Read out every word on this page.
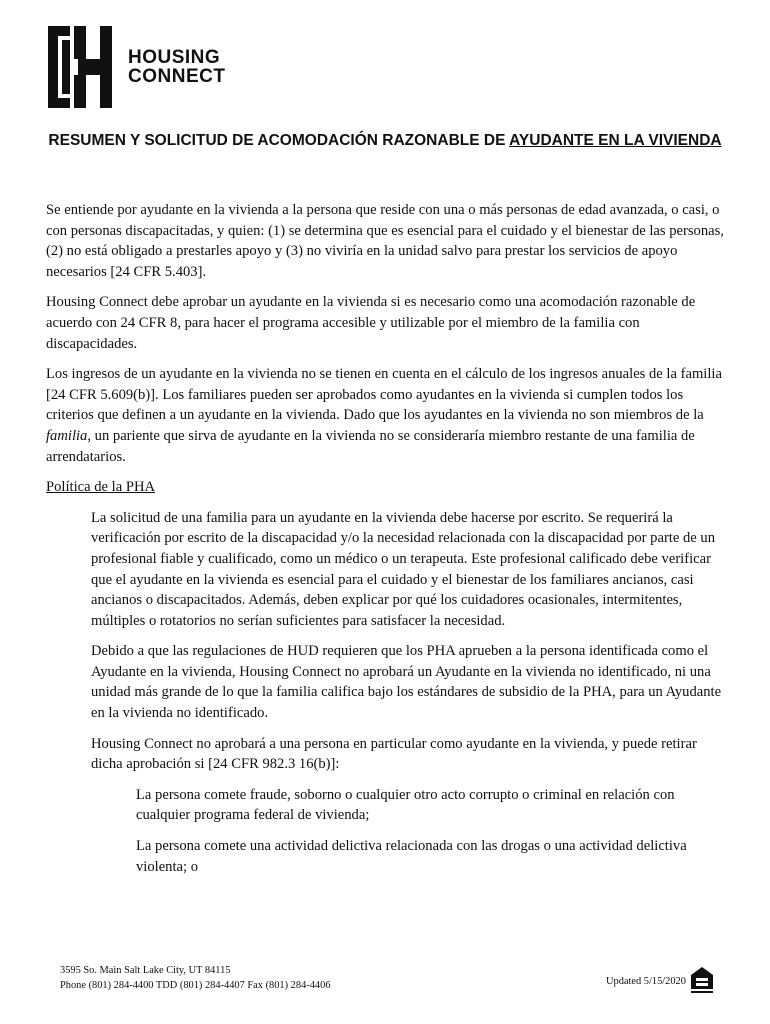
HOUSING
CONNECT
RESUMEN Y SOLICITUD DE ACOMODACIÓN RAZONABLE DE AYUDANTE EN LA VIVIENDA

Se entiende por ayudante en la vivienda a la persona que reside con una o más personas de edad avanzada, o casi, o con personas discapacitadas, y quien: (1) se determina que es esencial para el cuidado y el bienestar de las personas, (2) no está obligado a prestarles apoyo y (3) no viviría en la unidad salvo para prestar los servicios de apoyo necesarios [24 CFR 5.403].

Housing Connect debe aprobar un ayudante en la vivienda si es necesario como una acomodación razonable de acuerdo con 24 CFR 8, para hacer el programa accesible y utilizable por el miembro de la familia con discapacidades.

Los ingresos de un ayudante en la vivienda no se tienen en cuenta en el cálculo de los ingresos anuales de la familia [24 CFR 5.609(b)]. Los familiares pueden ser aprobados como ayudantes en la vivienda si cumplen todos los criterios que definen a un ayudante en la vivienda. Dado que los ayudantes en la vivienda no son miembros de la familia, un pariente que sirva de ayudante en la vivienda no se consideraría miembro restante de una familia de arrendatarios.

Política de la PHA

La solicitud de una familia para un ayudante en la vivienda debe hacerse por escrito. Se requerirá la verificación por escrito de la discapacidad y/o la necesidad relacionada con la discapacidad por parte de un profesional fiable y cualificado, como un médico o un terapeuta. Este profesional calificado debe verificar que el ayudante en la vivienda es esencial para el cuidado y el bienestar de los familiares ancianos, casi ancianos o discapacitados. Además, deben explicar por qué los cuidadores ocasionales, intermitentes, múltiples o rotatorios no serían suficientes para satisfacer la necesidad.

Debido a que las regulaciones de HUD requieren que los PHA aprueben a la persona identificada como el Ayudante en la vivienda, Housing Connect no aprobará un Ayudante en la vivienda no identificado, ni una unidad más grande de lo que la familia califica bajo los estándares de subsidio de la PHA, para un Ayudante en la vivienda no identificado.

Housing Connect no aprobará a una persona en particular como ayudante en la vivienda, y puede retirar dicha aprobación si [24 CFR 982.3 16(b)]:

La persona comete fraude, soborno o cualquier otro acto corrupto o criminal en relación con cualquier programa federal de vivienda;

La persona comete una actividad delictiva relacionada con las drogas o una actividad delictiva violenta; o

3595 So. Main Salt Lake City, UT 84115
Phone (801) 284-4400 TDD (801) 284-4407 Fax (801) 284-4406	Updated 5/15/2020
